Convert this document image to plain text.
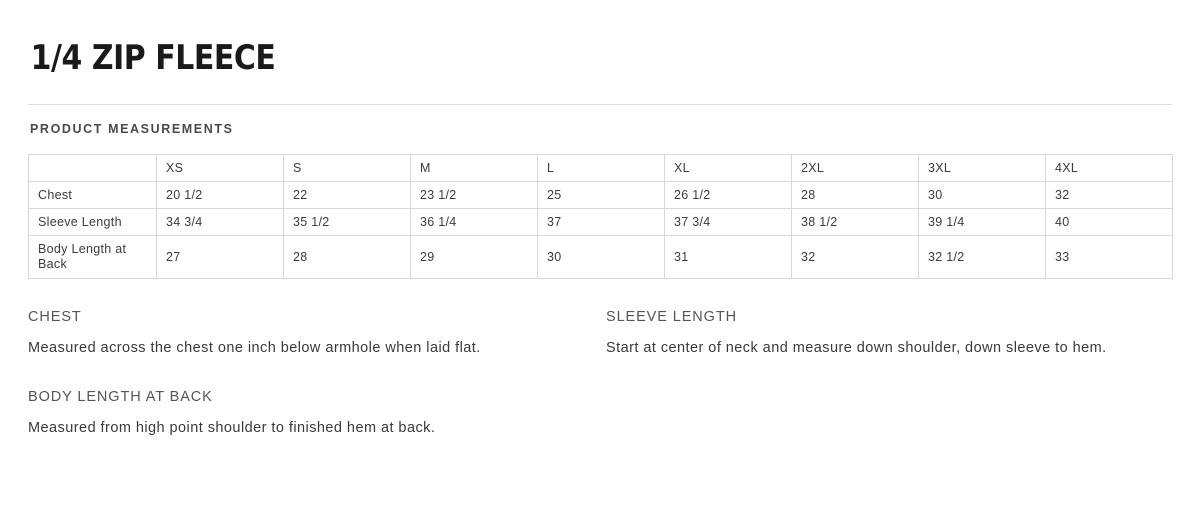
1/4 ZIP FLEECE
PRODUCT MEASUREMENTS
	XS	S	M	L	XL	2XL	3XL	4XL
Chest	20 1/2	22	23 1/2	25	26 1/2	28	30	32
Sleeve Length	34 3/4	35 1/2	36 1/4	37	37 3/4	38 1/2	39 1/4	40
Body Length at Back	27	28	29	30	31	32	32 1/2	33
CHEST
Measured across the chest one inch below armhole when laid flat.
SLEEVE LENGTH
Start at center of neck and measure down shoulder, down sleeve to hem.
BODY LENGTH AT BACK
Measured from high point shoulder to finished hem at back.
